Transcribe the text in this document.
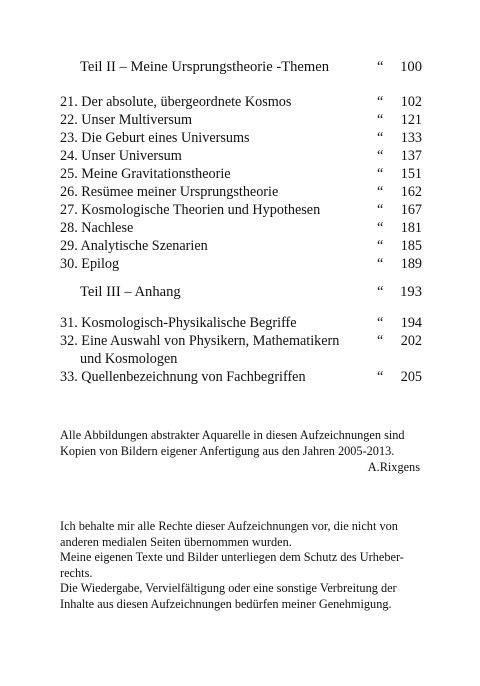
Teil II – Meine Ursprungstheorie -Themen	“ 100
21. Der absolute, übergeordnete Kosmos	“ 102
22. Unser Multiversum	“ 121
23. Die Geburt eines Universums	“ 133
24. Unser Universum	“ 137
25. Meine Gravitationstheorie	“ 151
26. Resümee meiner Ursprungstheorie	“ 162
27. Kosmologische Theorien und Hypothesen	“ 167
28. Nachlese	“ 181
29. Analytische Szenarien	“ 185
30. Epilog	“ 189
Teil III – Anhang	“ 193
31. Kosmologisch-Physikalische Begriffe	“ 194
32. Eine Auswahl von Physikern, Mathematikern	“ 202
und Kosmologen
33. Quellenbezeichnung von Fachbegriffen	“ 205
Alle Abbildungen abstrakter Aquarelle in diesen Aufzeichnungen sind
Kopien von Bildern eigener Anfertigung aus den Jahren 2005-2013.
A.Rixgens
Ich behalte mir alle Rechte dieser Aufzeichnungen vor, die nicht von
anderen medialen Seiten übernommen wurden.
Meine eigenen Texte und Bilder unterliegen dem Schutz des Urheber-
rechts.
Die Wiedergabe, Vervielfältigung oder eine sonstige Verbreitung der
Inhalte aus diesen Aufzeichnungen bedürfen meiner Genehmigung.
